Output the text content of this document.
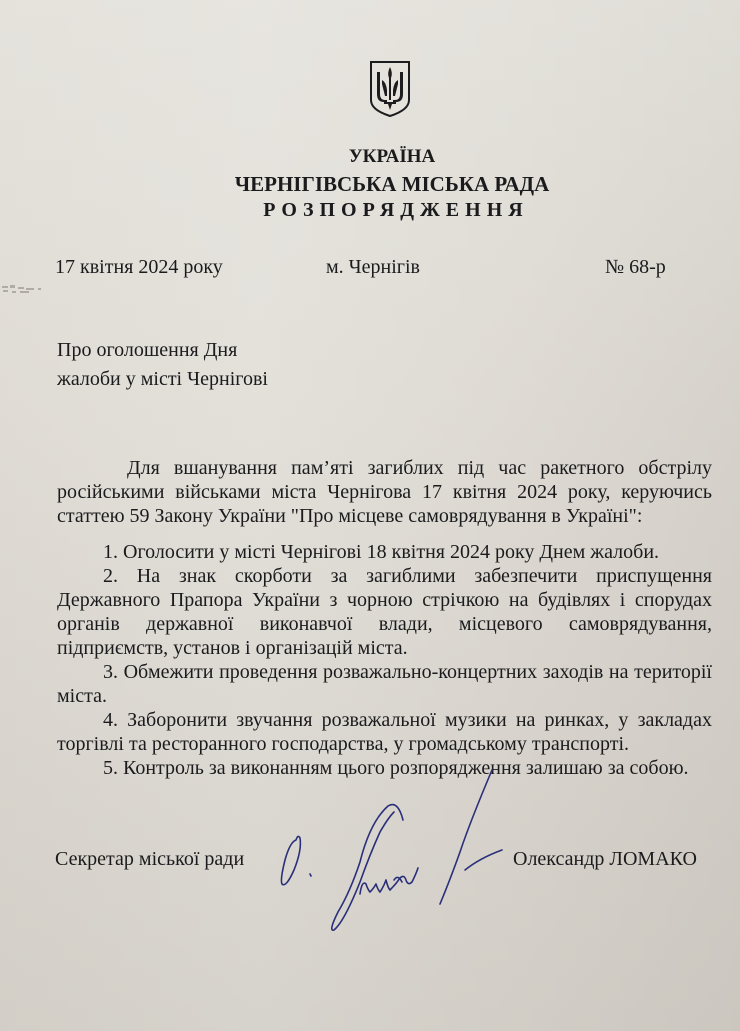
УКРАЇНА
ЧЕРНІГІВСЬКА МІСЬКА РАДА
РОЗПОРЯДЖЕННЯ
17 квітня 2024 року	м. Чернігів	№ 68-р
Про оголошення Дня
жалоби у місті Чернігові
Для вшанування пам’яті загиблих під час ракетного обстрілу російськими військами міста Чернігова 17 квітня 2024 року, керуючись статтею 59 Закону України "Про місцеве самоврядування в Україні":
1. Оголосити у місті Чернігові 18 квітня 2024 року Днем жалоби.
2. На знак скорботи за загиблими забезпечити приспущення Державного Прапора України з чорною стрічкою на будівлях і спорудах органів державної виконавчої влади, місцевого самоврядування, підприємств, установ і організацій міста.
3. Обмежити проведення розважально-концертних заходів на території міста.
4. Заборонити звучання розважальної музики на ринках, у закладах торгівлі та ресторанного господарства, у громадському транспорті.
5. Контроль за виконанням цього розпорядження залишаю за собою.
Секретар міської ради	Олександр ЛОМАКО
